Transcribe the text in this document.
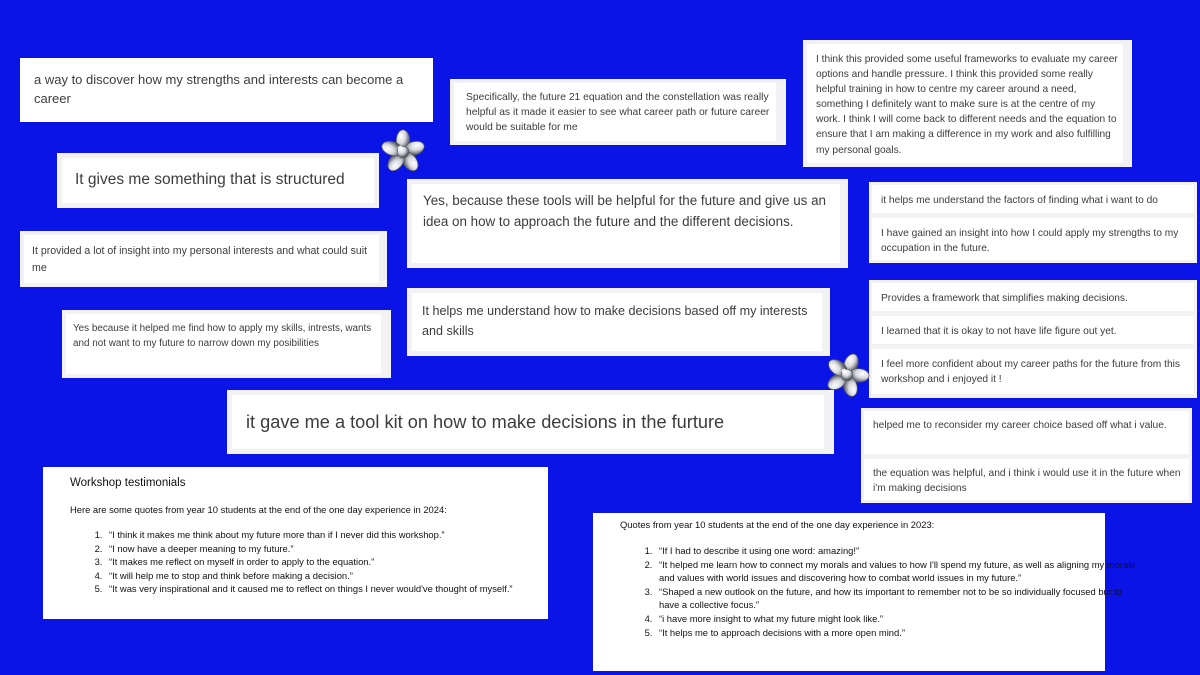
a way to discover how my strengths and interests can become a career	Specifically, the future 21 equation and the constellation was really helpful as it made it easier to see what career path or future career would be suitable for me
I think this provided some useful frameworks to evaluate my career options and handle pressure. I think this provided some really helpful training in how to centre my career around a need, something I definitely want to make sure is at the centre of my work. I think I will come back to different needs and the equation to ensure that I am making a difference in my work and also fulfilling my personal goals.
It gives me something that is structured
Yes, because these tools will be helpful for the future and give us an idea on how to approach the future and the different decisions.
it helps me understand the factors of finding what i want to do
I have gained an insight into how I could apply my strengths to my occupation in the future.
It provided a lot of insight into my personal interests and what could suit me
It helps me understand how to make decisions based off my interests and skills
Provides a framework that simplifies making decisions.
I learned that it is okay to not have life figure out yet.
I feel more confident about my career paths for the future from this workshop and i enjoyed it !
Yes because it helped me find how to apply my skills, intrests, wants and not want to my future to narrow down my posibilities
it gave me a tool kit on how to make decisions in the furture	helped me to reconsider my career choice based off what i value.
the equation was helpful, and i think i would use it in the future when i'm making decisions
Workshop testimonials
Here are some quotes from year 10 students at the end of the one day experience in 2024:
1. “I think it makes me think about my future more than if I never did this workshop.”
2. “I now have a deeper meaning to my future.”
3. “It makes me reflect on myself in order to apply to the equation.”
4. “It will help me to stop and think before making a decision.”
5. “It was very inspirational and it caused me to reflect on things I never would've thought of myself.”
Quotes from year 10 students at the end of the one day experience in 2023:
1. “If I had to describe it using one word: amazing!”
2. “It helped me learn how to connect my morals and values to how I'll spend my future, as well as aligning my morals and values with world issues and discovering how to combat world issues in my future.”
3. “Shaped a new outlook on the future, and how its important to remember not to be so individually focused but to have a collective focus.”
4. “i have more insight to what my future might look like.”
5. “It helps me to approach decisions with a more open mind.”
